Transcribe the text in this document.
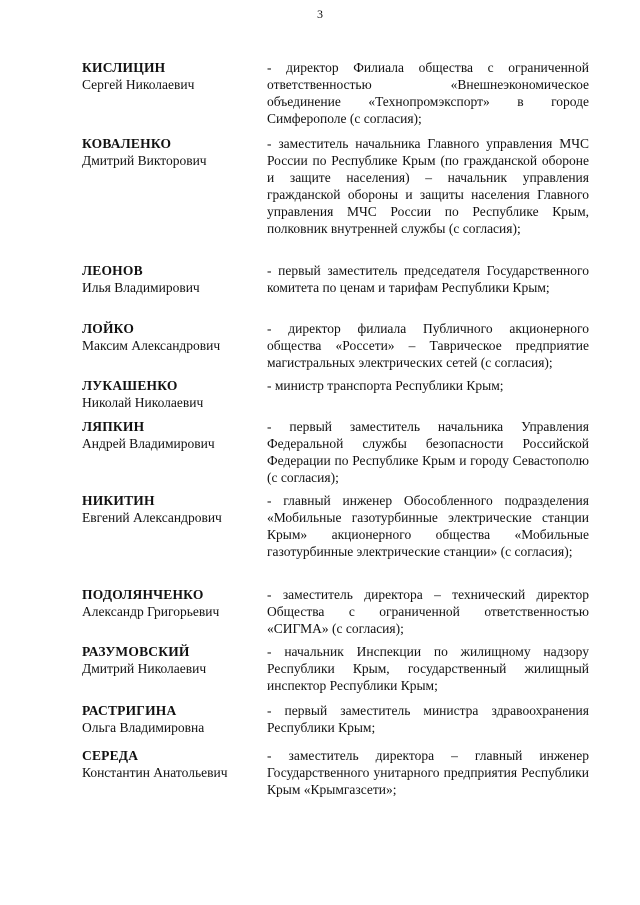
3
КИСЛИЦИН
Сергей Николаевич
- директор Филиала общества с ограниченной ответственностью «Внешнеэкономическое объединение «Технопромэкспорт» в городе Симферополе (с согласия);
КОВАЛЕНКО
Дмитрий Викторович
- заместитель начальника Главного управления МЧС России по Республике Крым (по гражданской обороне и защите населения) – начальник управления гражданской обороны и защиты населения Главного управления МЧС России по Республике Крым, полковник внутренней службы (с согласия);
ЛЕОНОВ
Илья Владимирович
- первый заместитель председателя Государственного комитета по ценам и тарифам Республики Крым;
ЛОЙКО
Максим Александрович
- директор филиала Публичного акционерного общества «Россети» – Таврическое предприятие магистральных электрических сетей (с согласия);
ЛУКАШЕНКО
Николай Николаевич
- министр транспорта Республики Крым;
ЛЯПКИН
Андрей Владимирович
- первый заместитель начальника Управления Федеральной службы безопасности Российской Федерации по Республике Крым и городу Севастополю (с согласия);
НИКИТИН
Евгений Александрович
- главный инженер Обособленного подразделения «Мобильные газотурбинные электрические станции Крым» акционерного общества «Мобильные газотурбинные электрические станции» (с согласия);
ПОДОЛЯНЧЕНКО
Александр Григорьевич
- заместитель директора – технический директор Общества с ограниченной ответственностью «СИГМА» (с согласия);
РАЗУМОВСКИЙ
Дмитрий Николаевич
- начальник Инспекции по жилищному надзору Республики Крым, государственный жилищный инспектор Республики Крым;
РАСТРИГИНА
Ольга Владимировна
- первый заместитель министра здравоохранения Республики Крым;
СЕРЕДА
Константин Анатольевич
- заместитель директора – главный инженер Государственного унитарного предприятия Республики Крым «Крымгазсети»;
